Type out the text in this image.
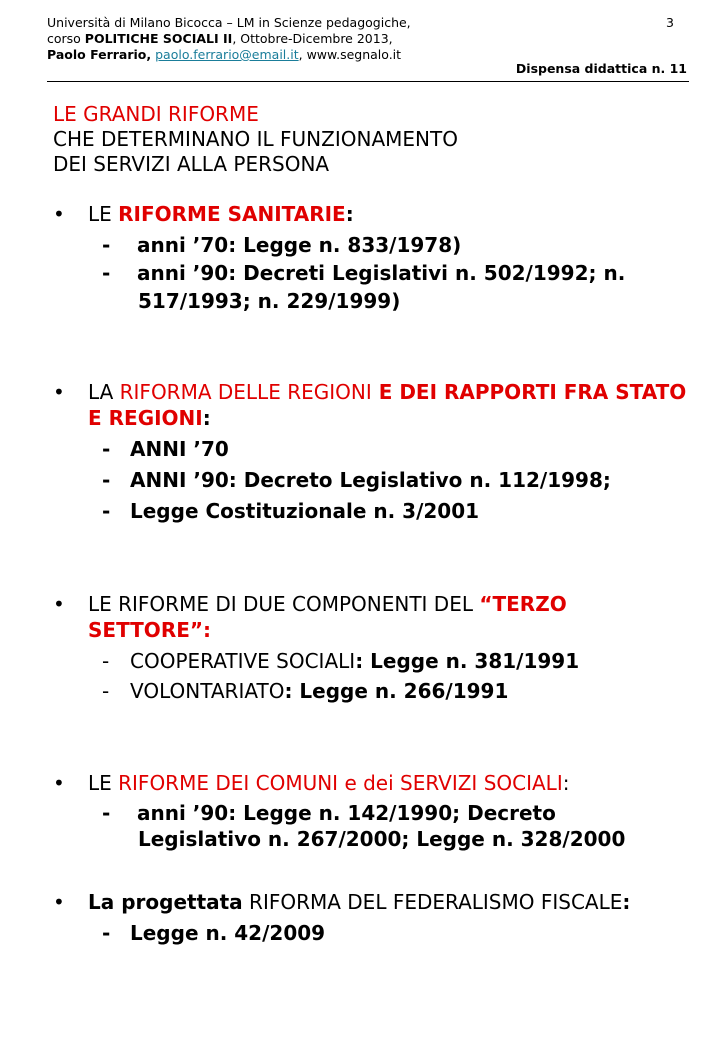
Università di Milano Bicocca – LM in Scienze pedagogiche,
corso POLITICHE SOCIALI II, Ottobre-Dicembre 2013,
Paolo Ferrario, paolo.ferrario@email.it, www.segnalo.it
3
Dispensa didattica n. 11
LE GRANDI RIFORME
CHE DETERMINANO IL FUNZIONAMENTO
DEI SERVIZI ALLA PERSONA
• LE RIFORME SANITARIE:
- anni ’70: Legge n. 833/1978)
-	anni ’90: Decreti Legislativi n. 502/1992; n. 517/1993; n. 229/1999)
• LA RIFORMA DELLE REGIONI E DEI RAPPORTI FRA STATO E REGIONI:
- ANNI ’70
- ANNI ’90: Decreto Legislativo n. 112/1998;
- Legge Costituzionale n. 3/2001
• LE RIFORME DI DUE COMPONENTI DEL “TERZO SETTORE”:
- COOPERATIVE SOCIALI: Legge n. 381/1991
- VOLONTARIATO: Legge n. 266/1991
• LE RIFORME DEI COMUNI e dei SERVIZI SOCIALI:
-	anni ’90: Legge n. 142/1990; Decreto Legislativo n. 267/2000; Legge n. 328/2000
• La progettata RIFORMA DEL FEDERALISMO FISCALE:
- Legge n. 42/2009
